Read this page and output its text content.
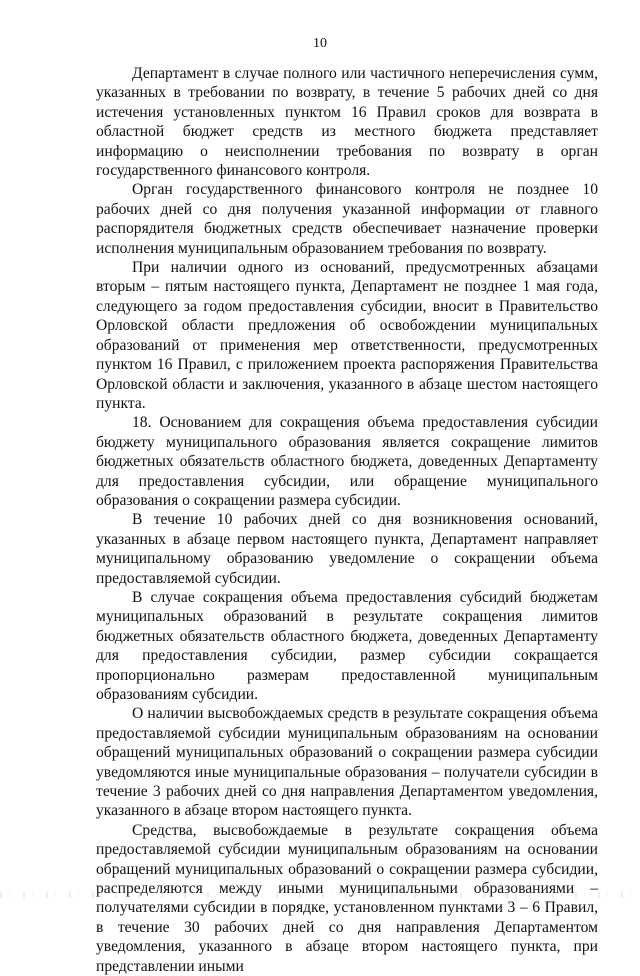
10

Департамент в случае полного или частичного неперечисления сумм, указанных в требовании по возврату, в течение 5 рабочих дней со дня истечения установленных пунктом 16 Правил сроков для возврата в областной бюджет средств из местного бюджета представляет информацию о неисполнении требования по возврату в орган государственного финансового контроля.

Орган государственного финансового контроля не позднее 10 рабочих дней со дня получения указанной информации от главного распорядителя бюджетных средств обеспечивает назначение проверки исполнения муниципальным образованием требования по возврату.

При наличии одного из оснований, предусмотренных абзацами вторым – пятым настоящего пункта, Департамент не позднее 1 мая года, следующего за годом предоставления субсидии, вносит в Правительство Орловской области предложения об освобождении муниципальных образований от применения мер ответственности, предусмотренных пунктом 16 Правил, с приложением проекта распоряжения Правительства Орловской области и заключения, указанного в абзаце шестом настоящего пункта.

18. Основанием для сокращения объема предоставления субсидии бюджету муниципального образования является сокращение лимитов бюджетных обязательств областного бюджета, доведенных Департаменту для предоставления субсидии, или обращение муниципального образования о сокращении размера субсидии.

В течение 10 рабочих дней со дня возникновения оснований, указанных в абзаце первом настоящего пункта, Департамент направляет муниципальному образованию уведомление о сокращении объема предоставляемой субсидии.

В случае сокращения объема предоставления субсидий бюджетам муниципальных образований в результате сокращения лимитов бюджетных обязательств областного бюджета, доведенных Департаменту для предоставления субсидии, размер субсидии сокращается пропорционально размерам предоставленной муниципальным образованиям субсидии.

О наличии высвобождаемых средств в результате сокращения объема предоставляемой субсидии муниципальным образованиям на основании обращений муниципальных образований о сокращении размера субсидии уведомляются иные муниципальные образования – получатели субсидии в течение 3 рабочих дней со дня направления Департаментом уведомления, указанного в абзаце втором настоящего пункта.

Средства, высвобождаемые в результате сокращения объема предоставляемой субсидии муниципальным образованиям на основании обращений муниципальных образований о сокращении размера субсидии, распределяются между иными муниципальными образованиями – получателями субсидии в порядке, установленном пунктами 3 – 6 Правил, в течение 30 рабочих дней со дня направления Департаментом уведомления, указанного в абзаце втором настоящего пункта, при представлении иными
